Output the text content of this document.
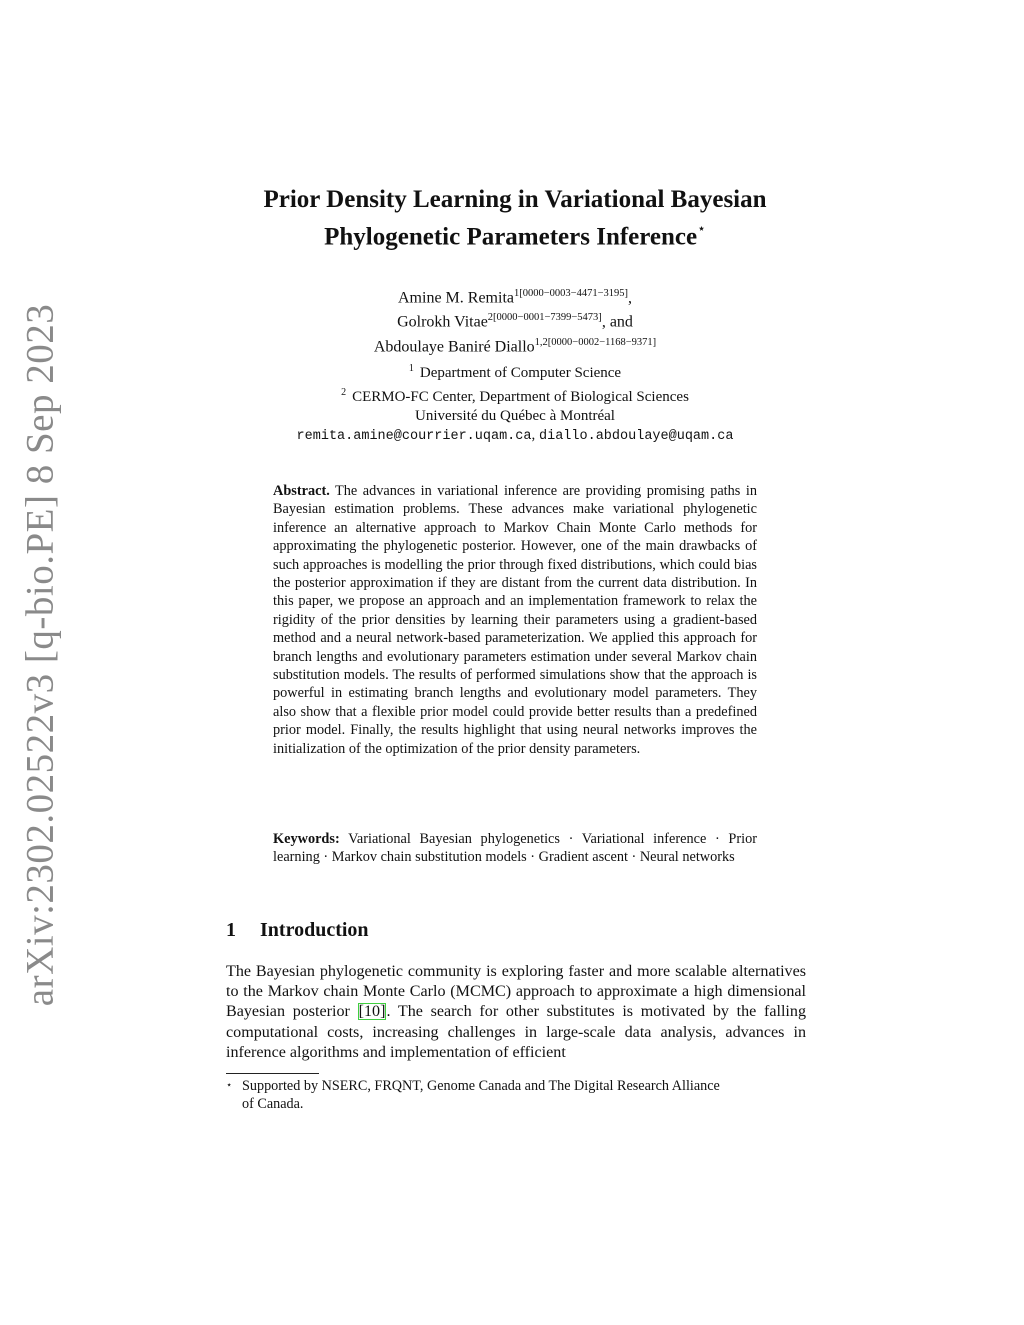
arXiv:2302.02522v3 [q-bio.PE] 8 Sep 2023
Prior Density Learning in Variational Bayesian
Phylogenetic Parameters Inference⋆
Amine M. Remita$^{1[0000-0003-4471-3195]}$,
Golrokh Vitae$^{2[0000-0001-7399-5473]}$, and
Abdoulaye Baniré Diallo$^{1,2[0000-0002-1168-9371]}$
$^1$ Department of Computer Science
$^2$ CERMO-FC Center, Department of Biological Sciences
Université du Québec à Montréal
remita.amine@courrier.uqam.ca, diallo.abdoulaye@uqam.ca
Abstract. The advances in variational inference are providing promising paths in Bayesian estimation problems. These advances make variational phylogenetic inference an alternative approach to Markov Chain Monte Carlo methods for approximating the phylogenetic posterior. However, one of the main drawbacks of such approaches is modelling the prior through fixed distributions, which could bias the posterior approximation if they are distant from the current data distribution. In this paper, we propose an approach and an implementation framework to relax the rigidity of the prior densities by learning their parameters using a gradient-based method and a neural network-based parameterization. We applied this approach for branch lengths and evolutionary parameters estimation under several Markov chain substitution models. The results of performed simulations show that the approach is powerful in estimating branch lengths and evolutionary model parameters. They also show that a flexible prior model could provide better results than a predefined prior model. Finally, the results highlight that using neural networks improves the initialization of the optimization of the prior density parameters.
Keywords: Variational Bayesian phylogenetics · Variational inference · Prior learning · Markov chain substitution models · Gradient ascent · Neural networks
1 Introduction
The Bayesian phylogenetic community is exploring faster and more scalable alternatives to the Markov chain Monte Carlo (MCMC) approach to approximate a high dimensional Bayesian posterior [10]. The search for other substitutes is motivated by the falling computational costs, increasing challenges in large-scale data analysis, advances in inference algorithms and implementation of efficient
⋆ Supported by NSERC, FRQNT, Genome Canada and The Digital Research Alliance
of Canada.
